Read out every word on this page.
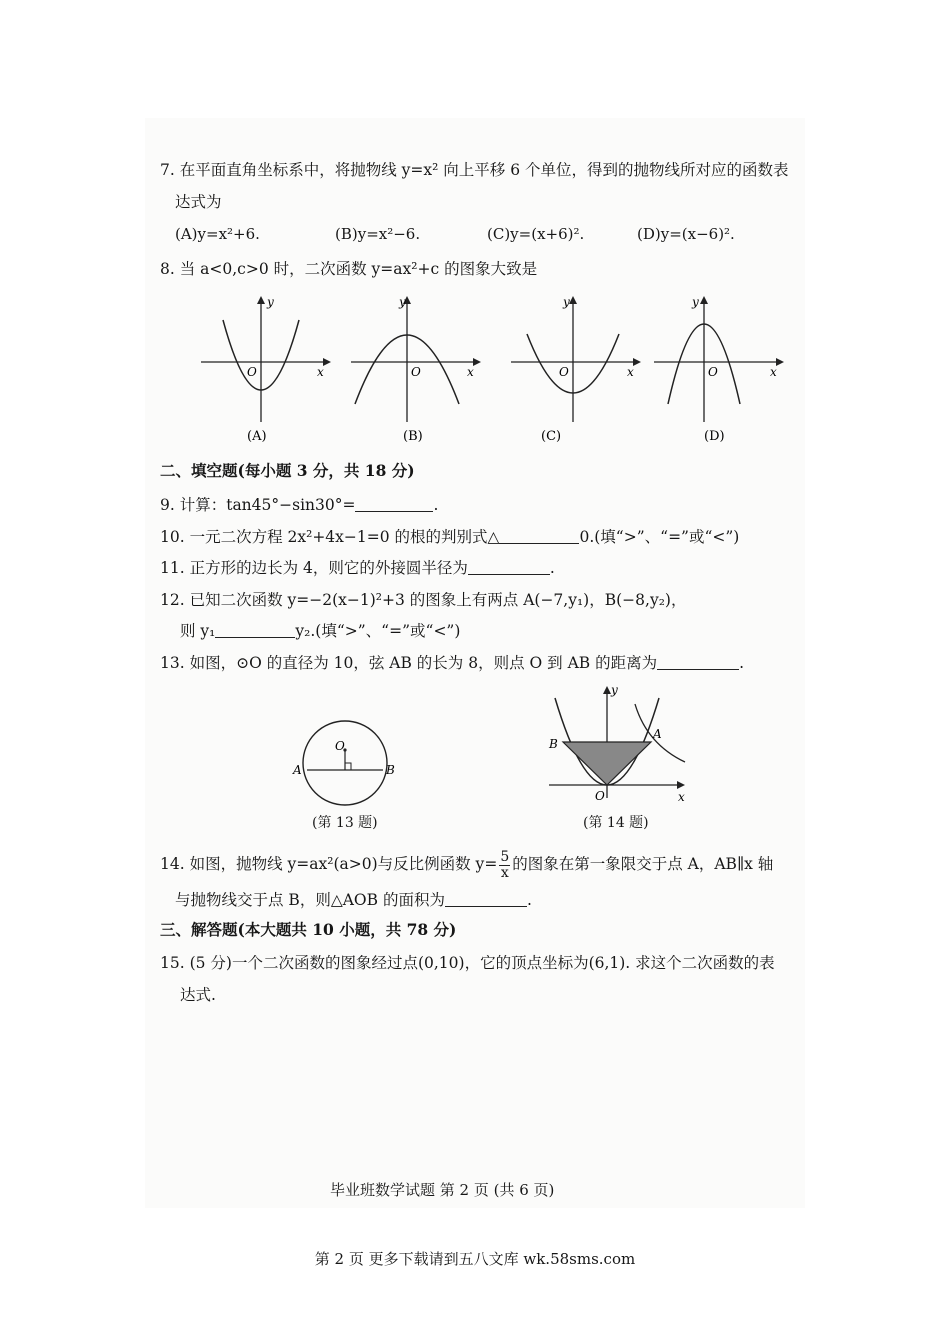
7. 在平面直角坐标系中，将抛物线 y=x² 向上平移 6 个单位，得到的抛物线所对应的函数表
达式为
(A)y=x²+6.	(B)y=x²−6.	(C)y=(x+6)².	(D)y=(x−6)².
8. 当 a<0,c>0 时，二次函数 y=ax²+c 的图象大致是
y
x
O
(A)
y
x
O
(B)
y
x
O
(C)
y
x
O
(D)
二、填空题(每小题 3 分，共 18 分)
9. 计算：tan45°−sin30°=	.
10. 一元二次方程 2x²+4x−1=0 的根的判别式△	0.(填“>”、“=”或“<”)
11. 正方形的边长为 4，则它的外接圆半径为	.
12. 已知二次函数 y=−2(x−1)²+3 的图象上有两点 A(−7,y₁)，B(−8,y₂)，
则 y₁	y₂.(填“>”、“=”或“<”)
13. 如图，⊙O 的直径为 10，弦 AB 的长为 8，则点 O 到 AB 的距离为	.
O
A	B
(第 13 题)
y
x
O
B
A
(第 14 题)
14. 如图，抛物线 y=ax²(a>0)与反比例函数 $y= \frac{5}{x}$ 的图象在第一象限交于点 A，AB∥x 轴
与抛物线交于点 B，则△AOB 的面积为	.
三、解答题(本大题共 10 小题，共 78 分)
15. (5 分)一个二次函数的图象经过点(0,10)，它的顶点坐标为(6,1). 求这个二次函数的表
达式.
毕业班数学试题 第 2 页 (共 6 页)
第 2 页 更多下载请到五八文库 wk.58sms.com
